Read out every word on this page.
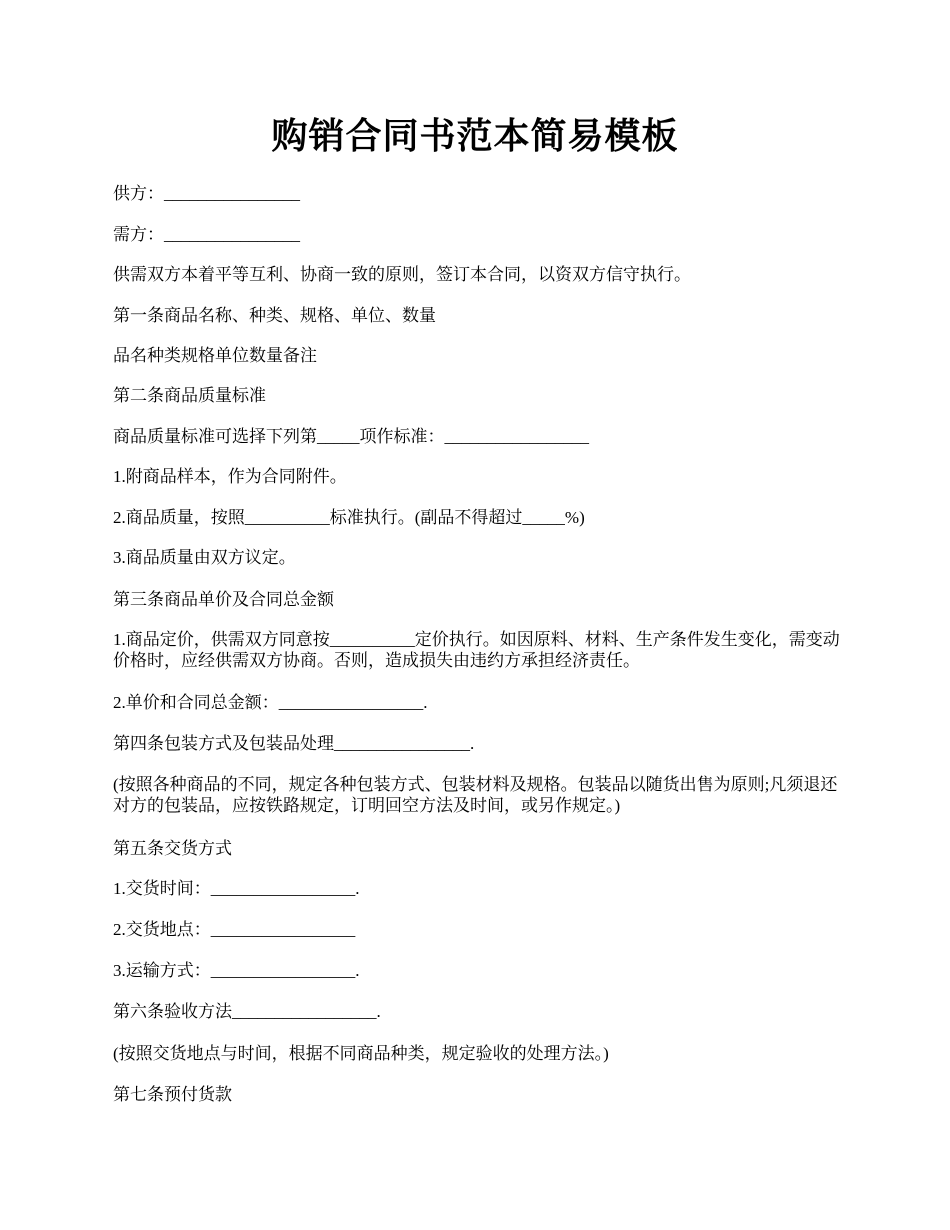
购销合同书范本简易模板

供方：________________

需方：________________

供需双方本着平等互利、协商一致的原则，签订本合同，以资双方信守执行。

第一条商品名称、种类、规格、单位、数量

品名种类规格单位数量备注

第二条商品质量标准

商品质量标准可选择下列第_____项作标准：_________________

1.附商品样本，作为合同附件。

2.商品质量，按照__________标准执行。(副品不得超过_____%)

3.商品质量由双方议定。

第三条商品单价及合同总金额

1.商品定价，供需双方同意按__________定价执行。如因原料、材料、生产条件发生变化，需变动价格时，应经供需双方协商。否则，造成损失由违约方承担经济责任。

2.单价和合同总金额：_________________.

第四条包装方式及包装品处理________________.

(按照各种商品的不同，规定各种包装方式、包装材料及规格。包装品以随货出售为原则;凡须退还对方的包装品，应按铁路规定，订明回空方法及时间，或另作规定。)

第五条交货方式

1.交货时间：_________________.

2.交货地点：_________________

3.运输方式：_________________.

第六条验收方法_________________.

(按照交货地点与时间，根据不同商品种类，规定验收的处理方法。)

第七条预付货款
